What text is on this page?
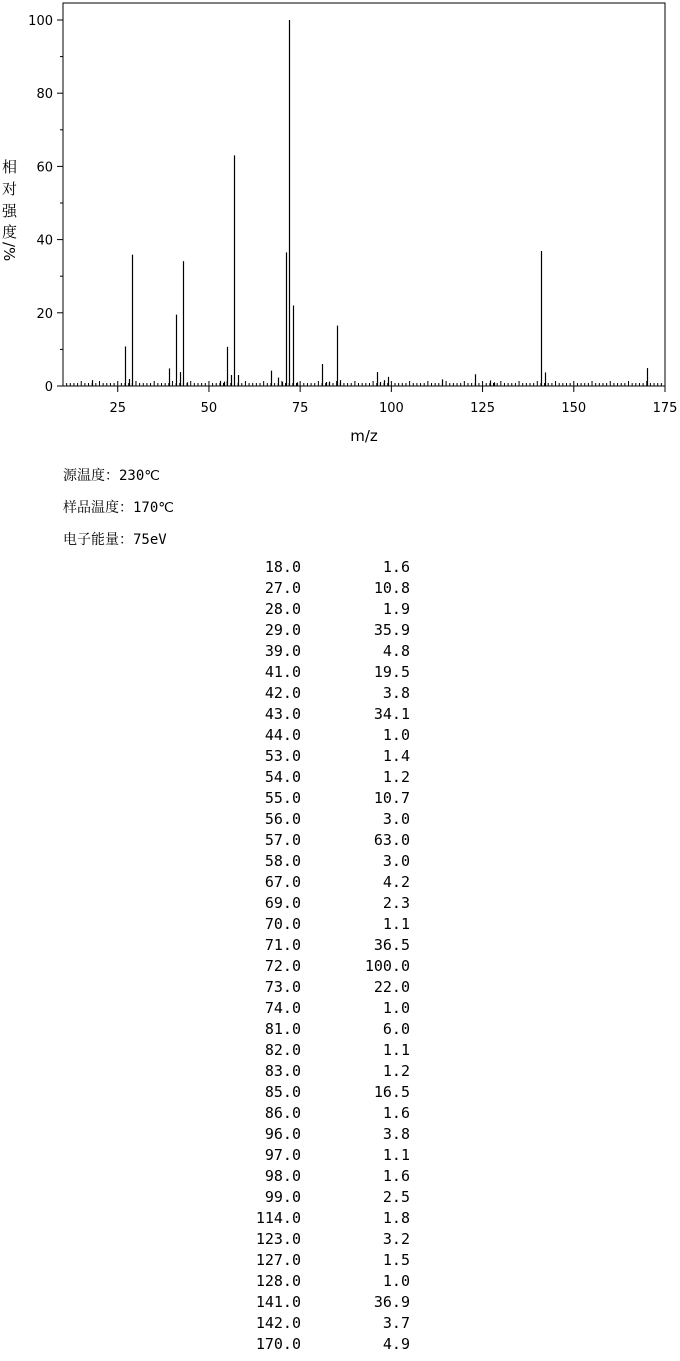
0
20
40
60
80
100
25	50	75	100	125	150	175
m/z
相
对
强
度
/%
源温度：230℃
样品温度：170℃
电子能量：75eV
18.0	1.6
27.0	10.8
28.0	1.9
29.0	35.9
39.0	4.8
41.0	19.5
42.0	3.8
43.0	34.1
44.0	1.0
53.0	1.4
54.0	1.2
55.0	10.7
56.0	3.0
57.0	63.0
58.0	3.0
67.0	4.2
69.0	2.3
70.0	1.1
71.0	36.5
72.0	100.0
73.0	22.0
74.0	1.0
81.0	6.0
82.0	1.1
83.0	1.2
85.0	16.5
86.0	1.6
96.0	3.8
97.0	1.1
98.0	1.6
99.0	2.5
114.0	1.8
123.0	3.2
127.0	1.5
128.0	1.0
141.0	36.9
142.0	3.7
170.0	4.9
